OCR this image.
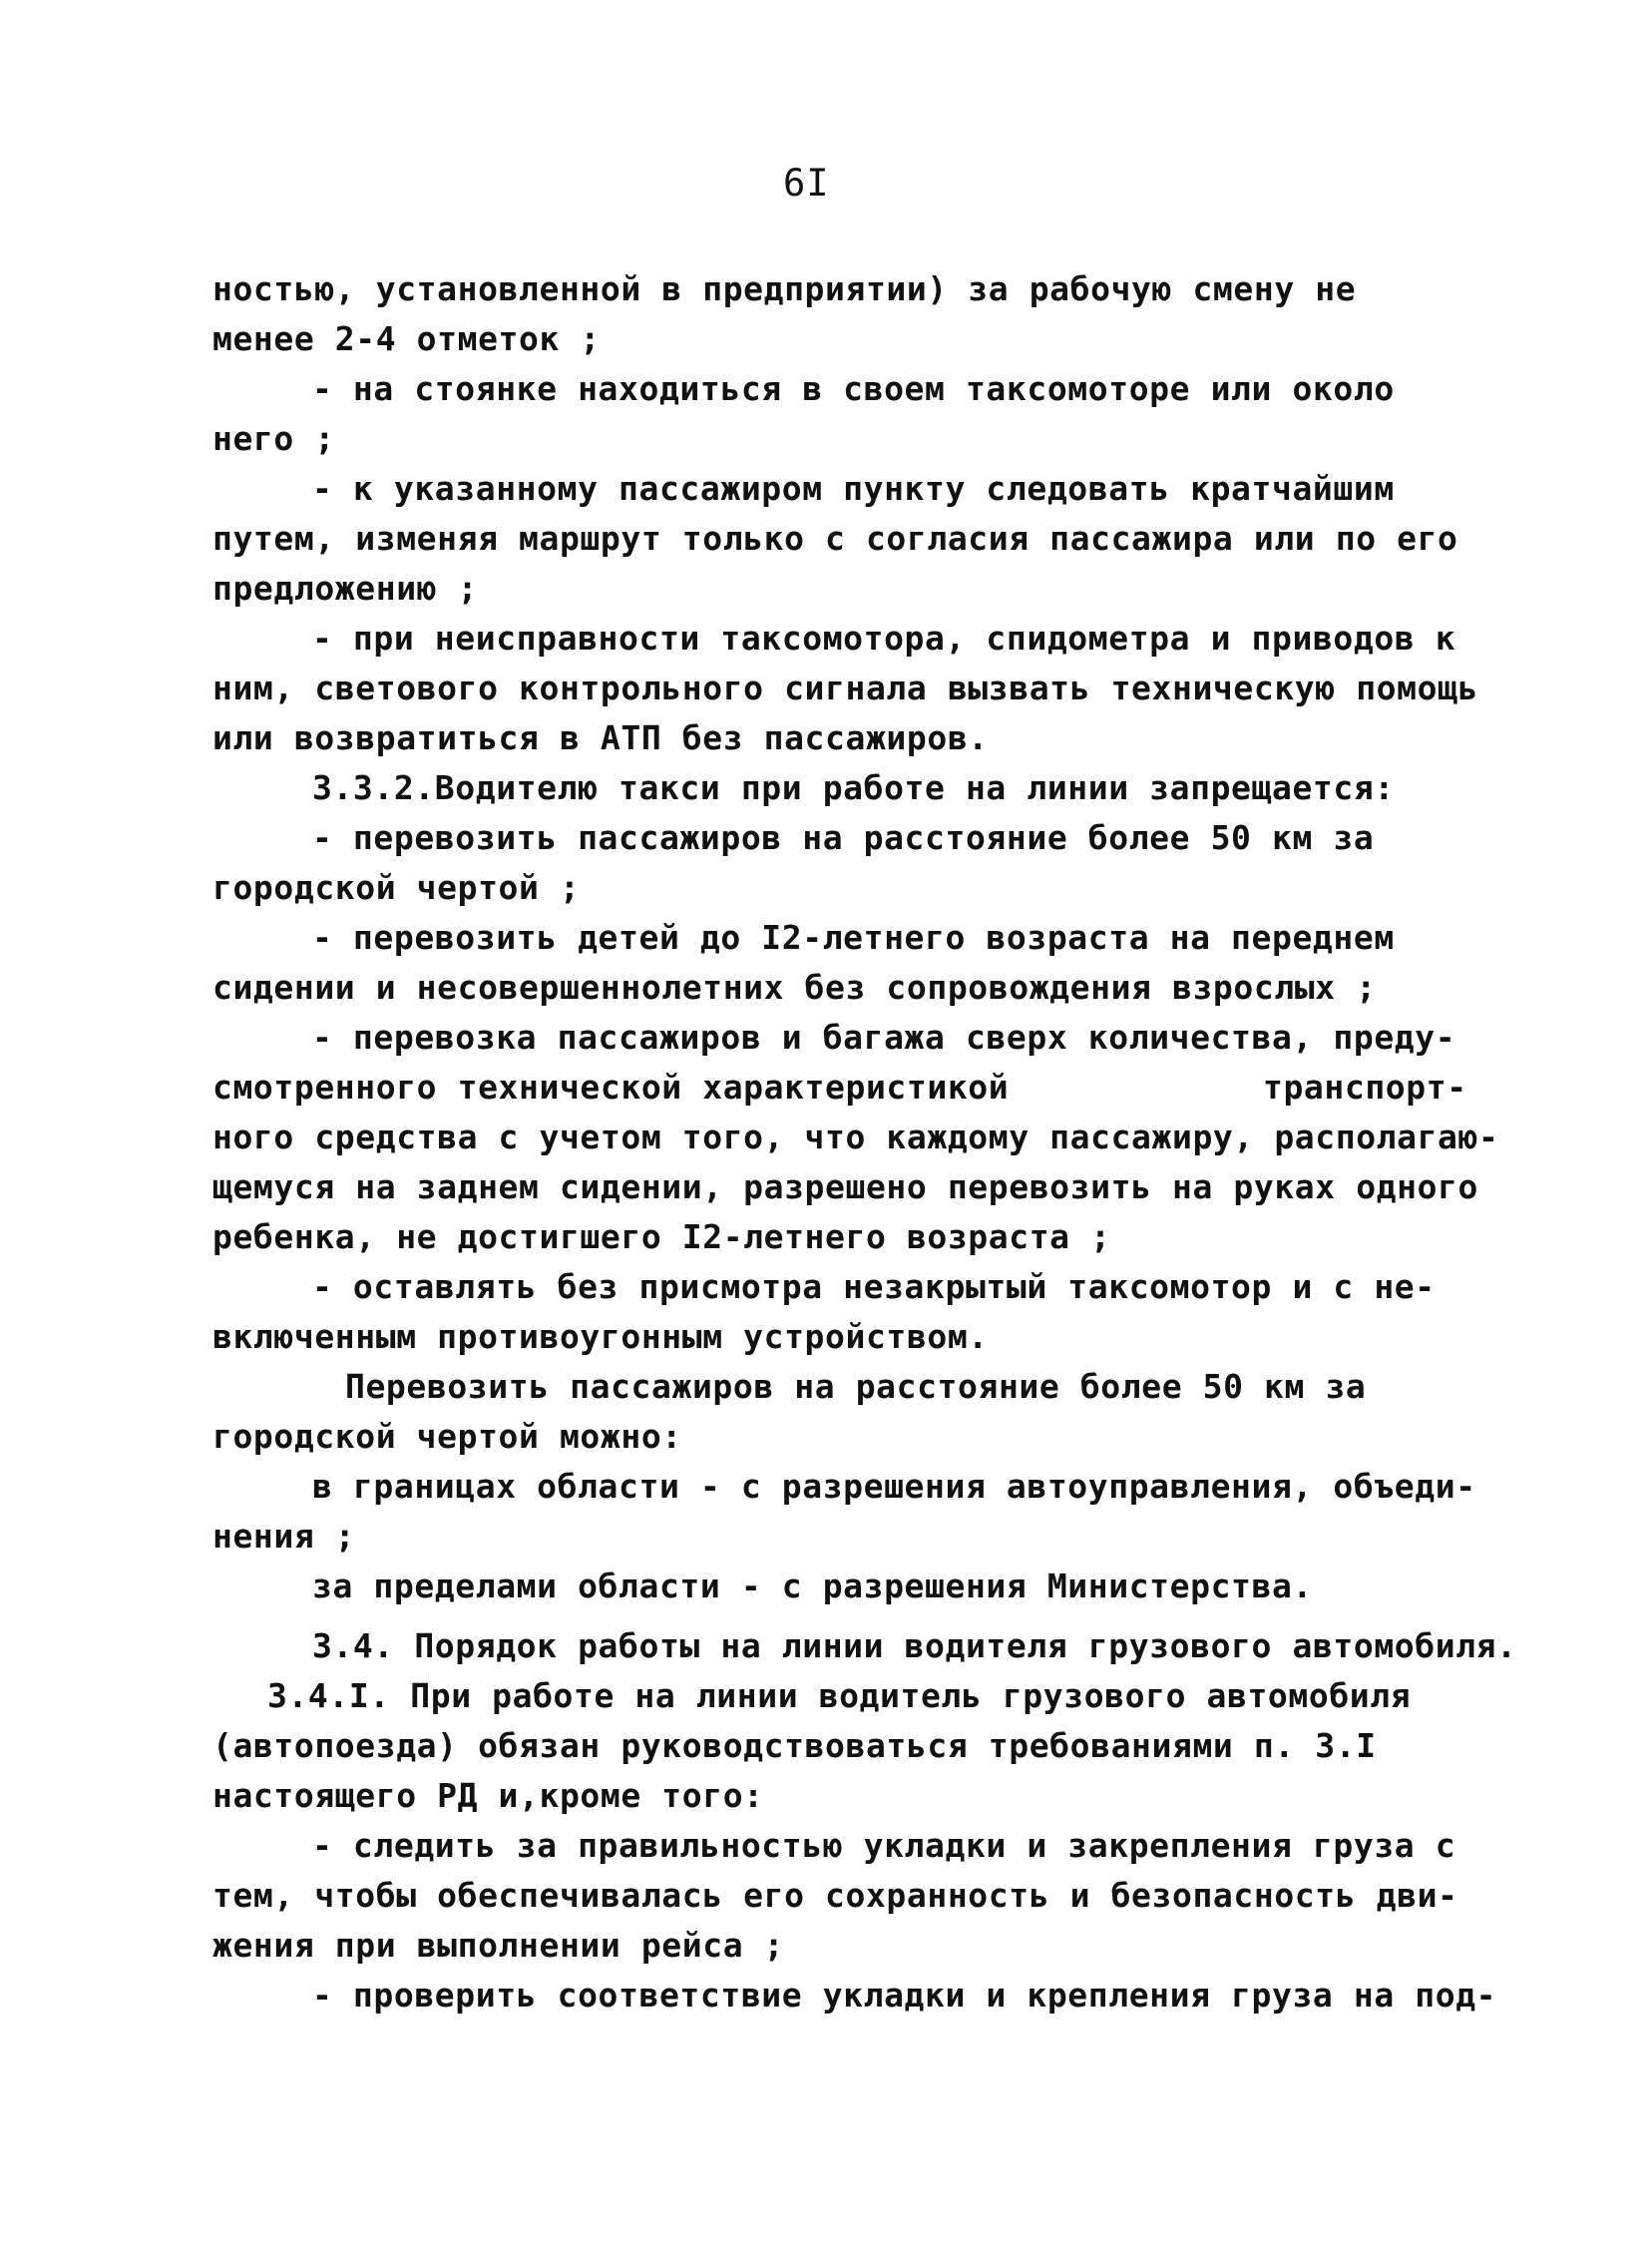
6I
ностью, установленной в предприятии) за рабочую смену не
менее 2-4 отметок ;
- на стоянке находиться в своем таксомоторе или около
него ;
- к указанному пассажиром пункту следовать кратчайшим
путем, изменяя маршрут только с согласия пассажира или по его
предложению ;
- при неисправности таксомотора, спидометра и приводов к
ним, светового контрольного сигнала вызвать техническую помощь
или возвратиться в АТП без пассажиров.
3.3.2.Водителю такси при работе на линии запрещается:
- перевозить пассажиров на расстояние более 50 км за
городской чертой ;
- перевозить детей до I2-летнего возраста на переднем
сидении и несовершеннолетних без сопровождения взрослых ;
- перевозка пассажиров и багажа сверх количества, преду-
смотренного технической характеристикой	транспорт-
ного средства с учетом того, что каждому пассажиру, располагаю-
щемуся на заднем сидении, разрешено перевозить на руках одного
ребенка, не достигшего I2-летнего возраста ;
- оставлять без присмотра незакрытый таксомотор и с не-
включенным противоугонным устройством.
Перевозить пассажиров на расстояние более 50 км за
городской чертой можно:
в границах области - с разрешения автоуправления, объеди-
нения ;
за пределами области - с разрешения Министерства.
3.4. Порядок работы на линии водителя грузового автомобиля.
3.4.I. При работе на линии водитель грузового автомобиля
(автопоезда) обязан руководствоваться требованиями п. 3.I
настоящего РД и,кроме того:
- следить за правильностью укладки и закрепления груза с
тем, чтобы обеспечивалась его сохранность и безопасность дви-
жения при выполнении рейса ;
- проверить соответствие укладки и крепления груза на под-
